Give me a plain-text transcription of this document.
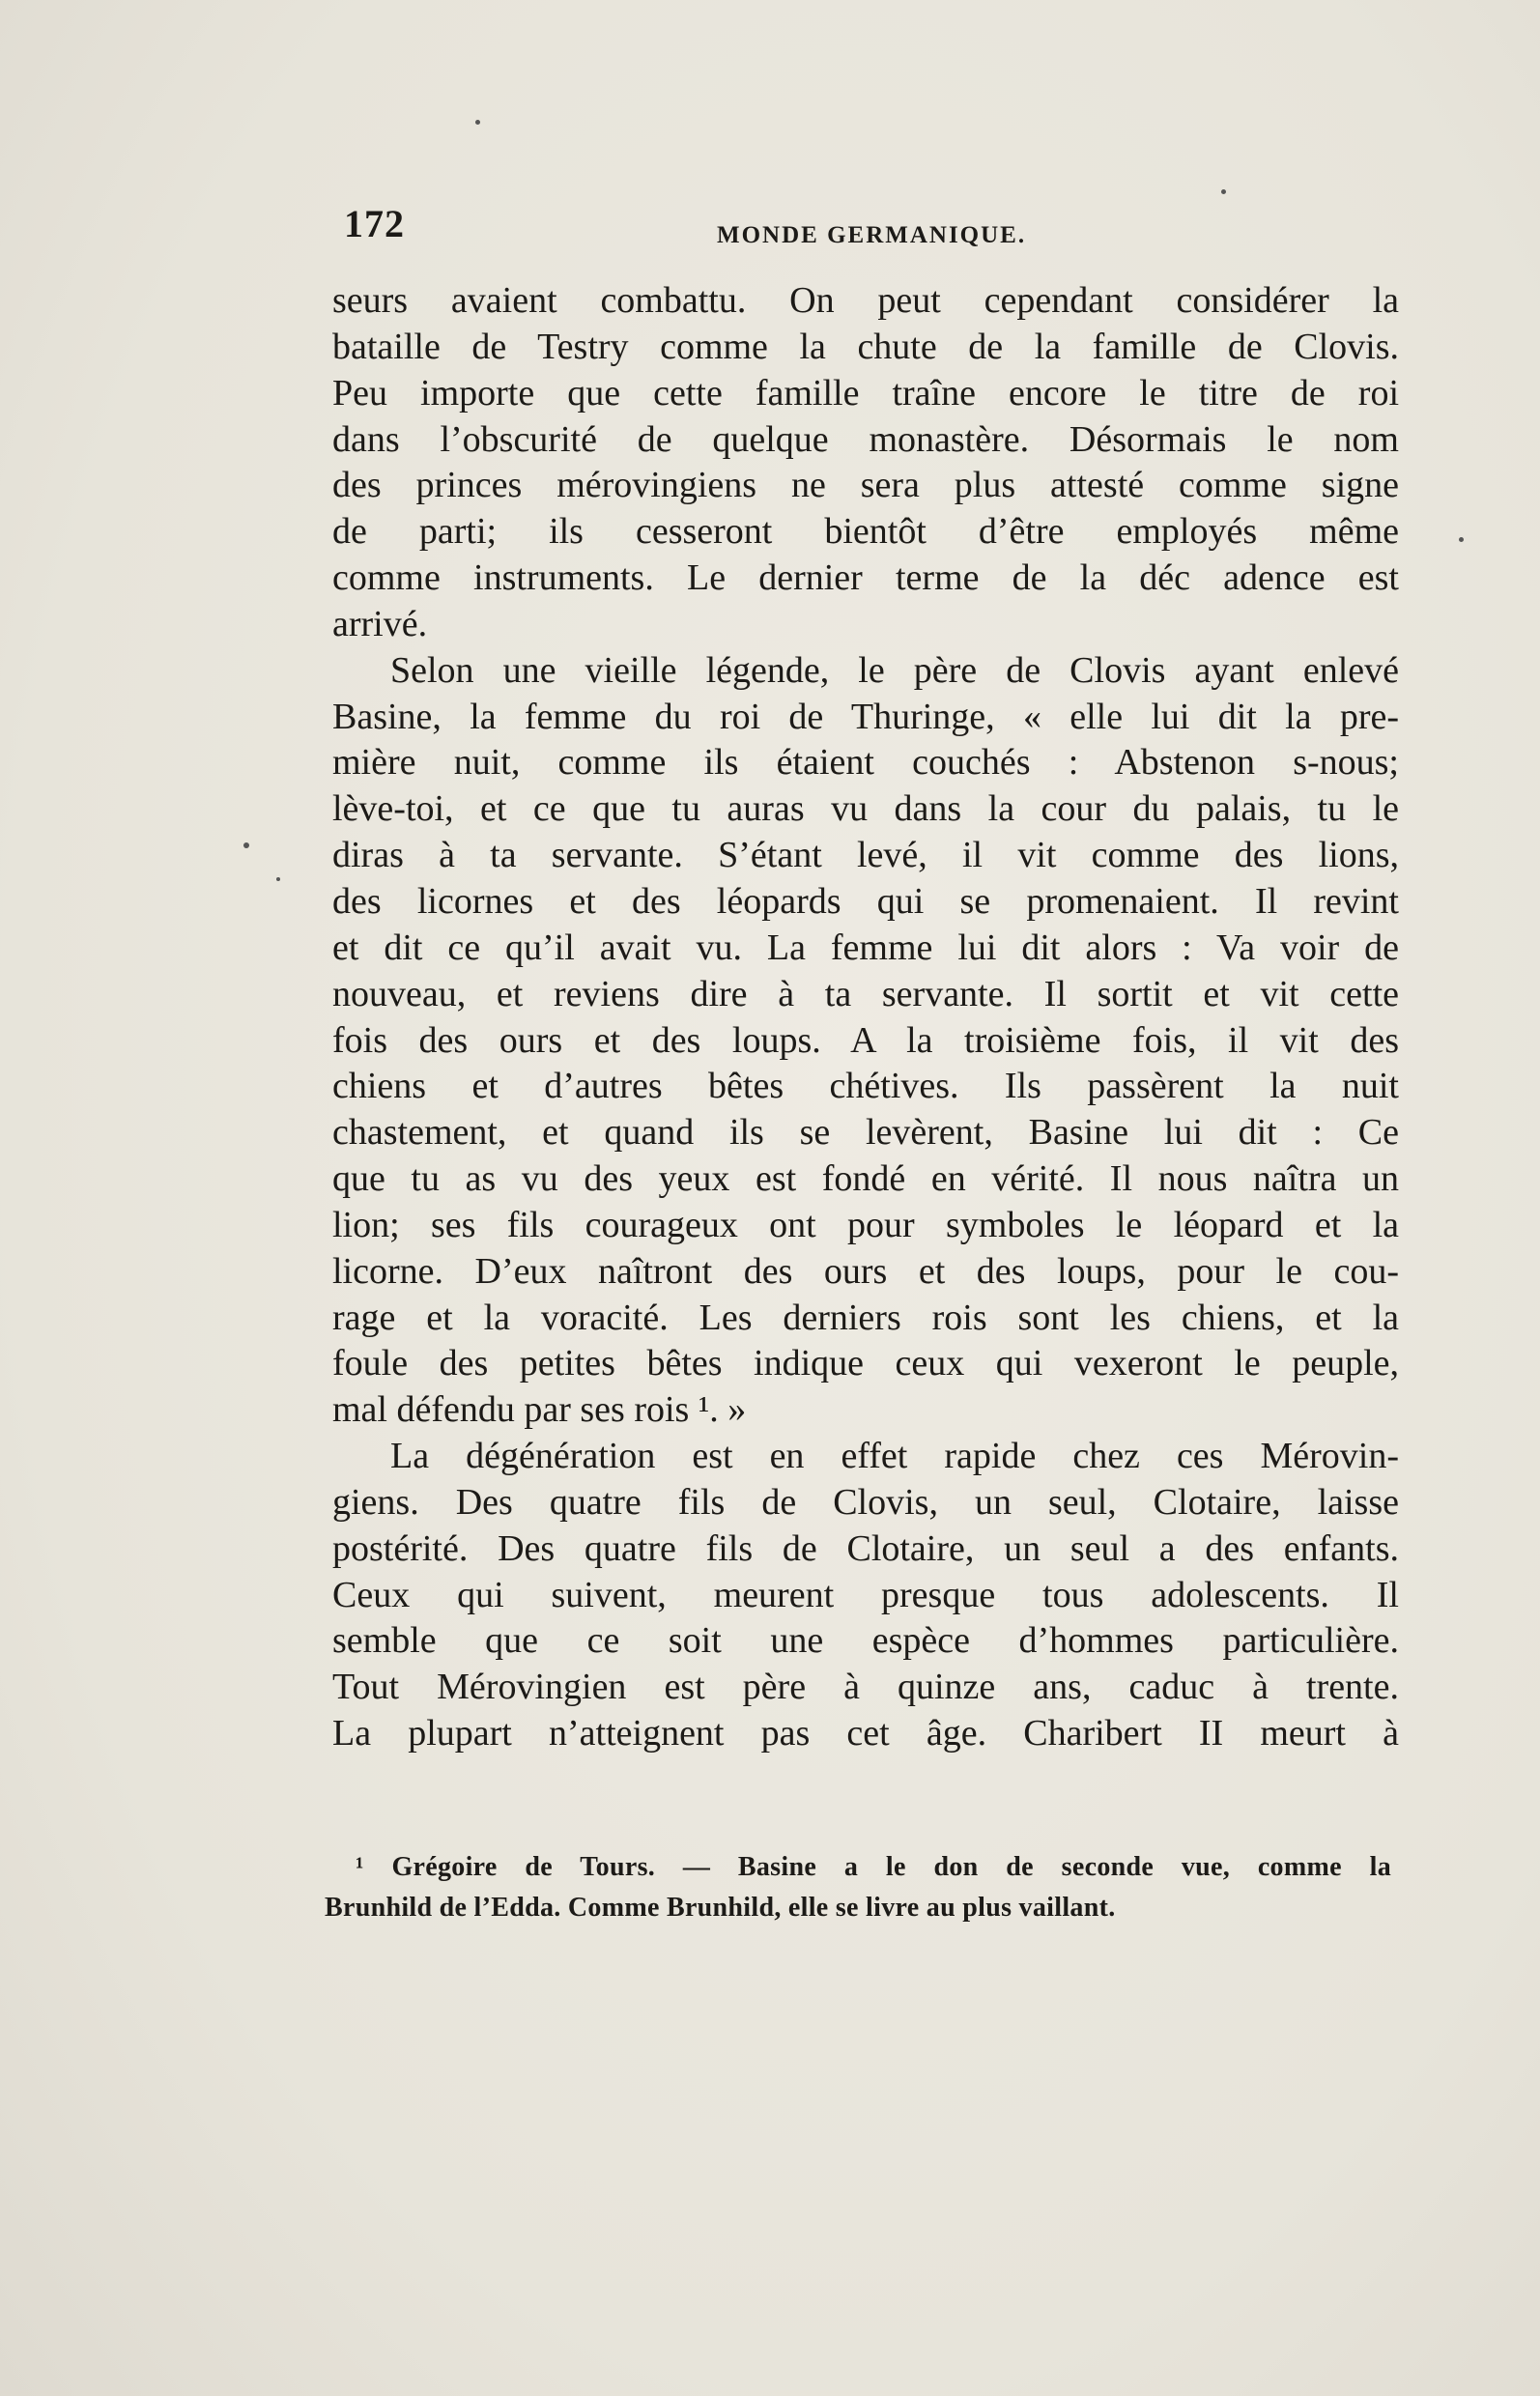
172	MONDE GERMANIQUE.
seurs avaient combattu. On peut cependant considérer la
bataille de Testry comme la chute de la famille de Clovis.
Peu importe que cette famille traîne encore le titre de roi
dans l’obscurité de quelque monastère. Désormais le nom
des princes mérovingiens ne sera plus attesté comme signe
de parti; ils cesseront bientôt d’être employés même
comme instruments. Le dernier terme de la déc adence est
arrivé.
Selon une vieille légende, le père de Clovis ayant enlevé
Basine, la femme du roi de Thuringe, « elle lui dit la pre-
mière nuit, comme ils étaient couchés : Abstenon s-nous;
lève-toi, et ce que tu auras vu dans la cour du palais, tu le
diras à ta servante. S’étant levé, il vit comme des lions,
des licornes et des léopards qui se promenaient. Il revint
et dit ce qu’il avait vu. La femme lui dit alors : Va voir de
nouveau, et reviens dire à ta servante. Il sortit et vit cette
fois des ours et des loups. A la troisième fois, il vit des
chiens et d’autres bêtes chétives. Ils passèrent la nuit
chastement, et quand ils se levèrent, Basine lui dit : Ce
que tu as vu des yeux est fondé en vérité. Il nous naîtra un
lion; ses fils courageux ont pour symboles le léopard et la
licorne. D’eux naîtront des ours et des loups, pour le cou-
rage et la voracité. Les derniers rois sont les chiens, et la
foule des petites bêtes indique ceux qui vexeront le peuple,
mal défendu par ses rois ¹. »
La dégénération est en effet rapide chez ces Mérovin-
giens. Des quatre fils de Clovis, un seul, Clotaire, laisse
postérité. Des quatre fils de Clotaire, un seul a des enfants.
Ceux qui suivent, meurent presque tous adolescents. Il
semble que ce soit une espèce d’hommes particulière.
Tout Mérovingien est père à quinze ans, caduc à trente.
La plupart n’atteignent pas cet âge. Charibert II meurt à
¹ Grégoire de Tours. — Basine a le don de seconde vue, comme la
Brunhild de l’Edda. Comme Brunhild, elle se livre au plus vaillant.
